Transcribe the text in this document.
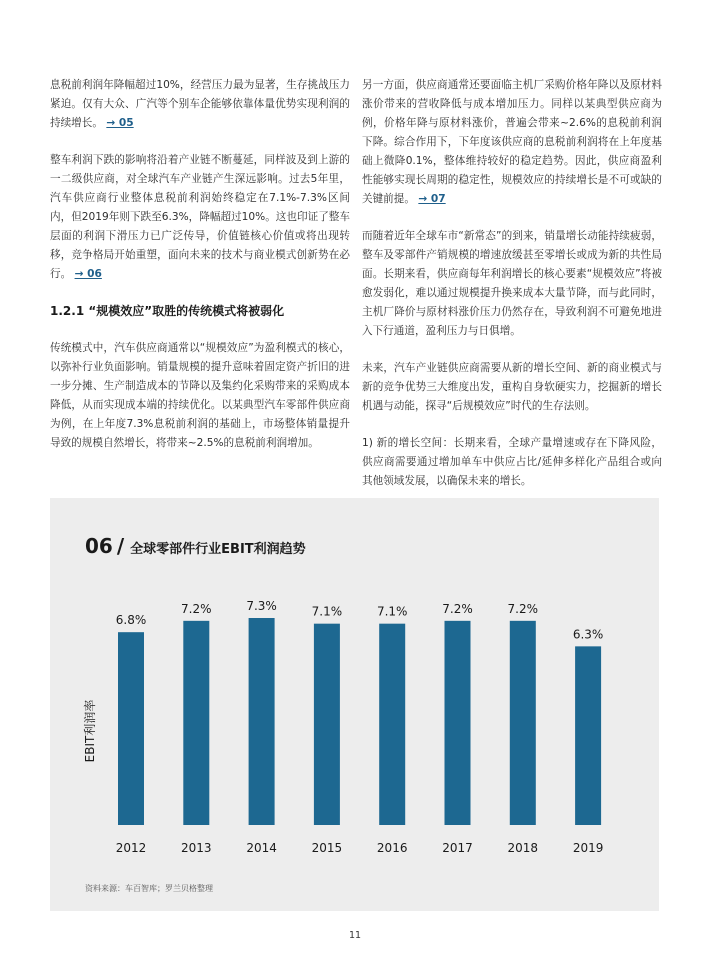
息税前利润年降幅超过10%，经营压力最为显著，生存挑战压力紧迫。仅有大众、广汽等个别车企能够依靠体量优势实现利润的持续增长。 → 05

整车利润下跌的影响将沿着产业链不断蔓延，同样波及到上游的一二级供应商，对全球汽车产业链产生深远影响。过去5年里，汽车供应商行业整体息税前利润始终稳定在7.1%-7.3%区间内，但2019年则下跌至6.3%，降幅超过10%。这也印证了整车层面的利润下滑压力已广泛传导，价值链核心价值或将出现转移，竞争格局开始重塑，面向未来的技术与商业模式创新势在必行。 → 06

1.2.1 “规模效应”取胜的传统模式将被弱化

传统模式中，汽车供应商通常以“规模效应”为盈利模式的核心，以弥补行业负面影响。销量规模的提升意味着固定资产折旧的进一步分摊、生产制造成本的节降以及集约化采购带来的采购成本降低，从而实现成本端的持续优化。以某典型汽车零部件供应商为例，在上年度7.3%息税前利润的基础上，市场整体销量提升导致的规模自然增长，将带来~2.5%的息税前利润增加。

另一方面，供应商通常还要面临主机厂采购价格年降以及原材料涨价带来的营收降低与成本增加压力。同样以某典型供应商为例，价格年降与原材料涨价，普遍会带来~2.6%的息税前利润下降。综合作用下，下年度该供应商的息税前利润将在上年度基础上微降0.1%，整体维持较好的稳定趋势。因此，供应商盈利性能够实现长周期的稳定性，规模效应的持续增长是不可或缺的关键前提。 → 07

而随着近年全球车市“新常态”的到来，销量增长动能持续疲弱，整车及零部件产销规模的增速放缓甚至零增长或成为新的共性局面。长期来看，供应商每年利润增长的核心要素“规模效应”将被愈发弱化，难以通过规模提升换来成本大量节降，而与此同时，主机厂降价与原材料涨价压力仍然存在，导致利润不可避免地进入下行通道，盈利压力与日俱增。

未来，汽车产业链供应商需要从新的增长空间、新的商业模式与新的竞争优势三大维度出发，重构自身软硬实力，挖掘新的增长机遇与动能，探寻“后规模效应”时代的生存法则。

1) 新的增长空间：长期来看，全球产量增速或存在下降风险，供应商需要通过增加单车中供应占比/延伸多样化产品组合或向其他领域发展，以确保未来的增长。

06 / 全球零部件行业EBIT利润趋势
6.8%
2012
7.2%
2013
7.3%
2014
7.1%
2015
7.1%
2016
7.2%
2017
7.2%
2018
6.3%
2019
EBIT利润率
资料来源：车百智库；罗兰贝格整理
11
